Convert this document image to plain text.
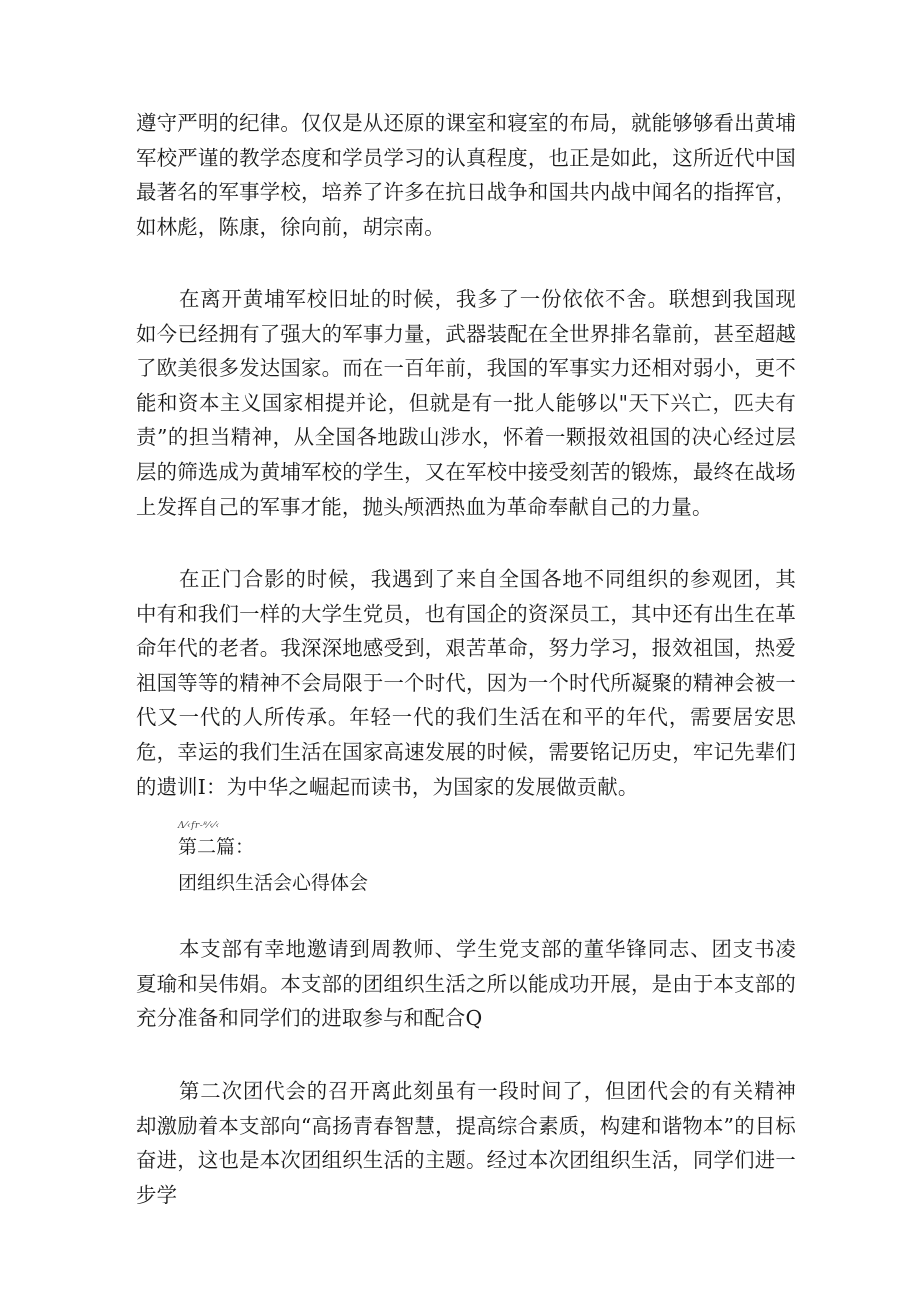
遵守严明的纪律。仅仅是从还原的课室和寝室的布局，就能够够看出黄埔军校严谨的教学态度和学员学习的认真程度，也正是如此，这所近代中国最著名的军事学校，培养了许多在抗日战争和国共内战中闻名的指挥官，如林彪，陈康，徐向前，胡宗南。

在离开黄埔军校旧址的时候，我多了一份依依不舍。联想到我国现如今已经拥有了强大的军事力量，武器装配在全世界排名靠前，甚至超越了欧美很多发达国家。而在一百年前，我国的军事实力还相对弱小，更不能和资本主义国家相提并论，但就是有一批人能够以"天下兴亡，匹夫有责”的担当精神，从全国各地跋山涉水，怀着一颗报效祖国的决心经过层层的筛选成为黄埔军校的学生，又在军校中接受刻苦的锻炼，最终在战场上发挥自己的军事才能，抛头颅洒热血为革命奉献自己的力量。

在正门合影的时候，我遇到了来自全国各地不同组织的参观团，其中有和我们一样的大学生党员，也有国企的资深员工，其中还有出生在革命年代的老者。我深深地感受到，艰苦革命，努力学习，报效祖国，热爱祖国等等的精神不会局限于一个时代，因为一个时代所凝聚的精神会被一代又一代的人所传承。年轻一代的我们生活在和平的年代，需要居安思危，幸运的我们生活在国家高速发展的时候，需要铭记历史，牢记先辈们的遗训I：为中华之崛起而读书，为国家的发展做贡献。

Λ⁄‹fr-⁸⁄‹⁄‹

第二篇：

团组织生活会心得体会

本支部有幸地邀请到周教师、学生党支部的董华锋同志、团支书凌夏瑜和吴伟娟。本支部的团组织生活之所以能成功开展，是由于本支部的充分准备和同学们的进取参与和配合Q

第二次团代会的召开离此刻虽有一段时间了，但团代会的有关精神却激励着本支部向“高扬青春智慧，提高综合素质，构建和谐物本”的目标奋进，这也是本次团组织生活的主题。经过本次团组织生活，同学们进一步学
